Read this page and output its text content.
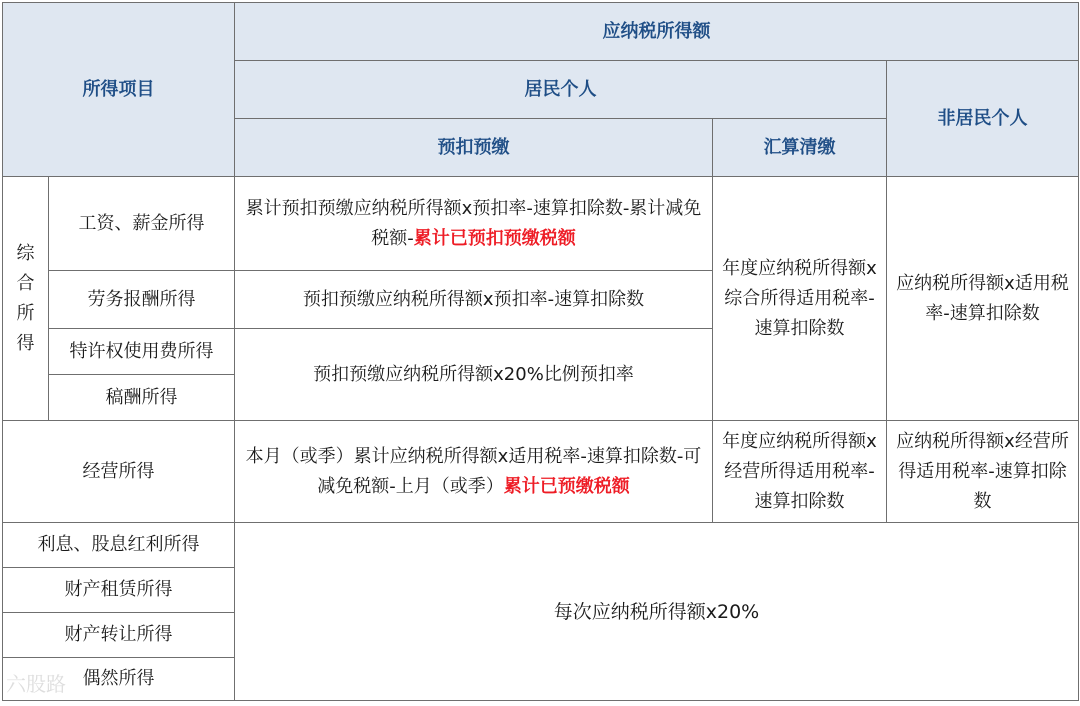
所得项目		应纳税所得额		
		居民个人		非居民个人
		预扣预缴	汇算清缴	
综
合
所
得	工资、薪金所得	累计预扣预缴应纳税所得额x预扣率-速算扣除数-累计减免税额-累计已预扣预缴税额	年度应纳税所得额x综合所得适用税率-速算扣除数	应纳税所得额x适用税率-速算扣除数
	劳务报酬所得	预扣预缴应纳税所得额x预扣率-速算扣除数		
	特许权使用费所得	预扣预缴应纳税所得额x20%比例预扣率		
	稿酬所得			
经营所得		本月（或季）累计应纳税所得额x适用税率-速算扣除数-可减免税额-上月（或季）累计已预缴税额	年度应纳税所得额x经营所得适用税率-速算扣除数	应纳税所得额x经营所得适用税率-速算扣除数
利息、股息红利所得		每次应纳税所得额x20%		
财产租赁所得				
财产转让所得				
偶然所得				
六股路
